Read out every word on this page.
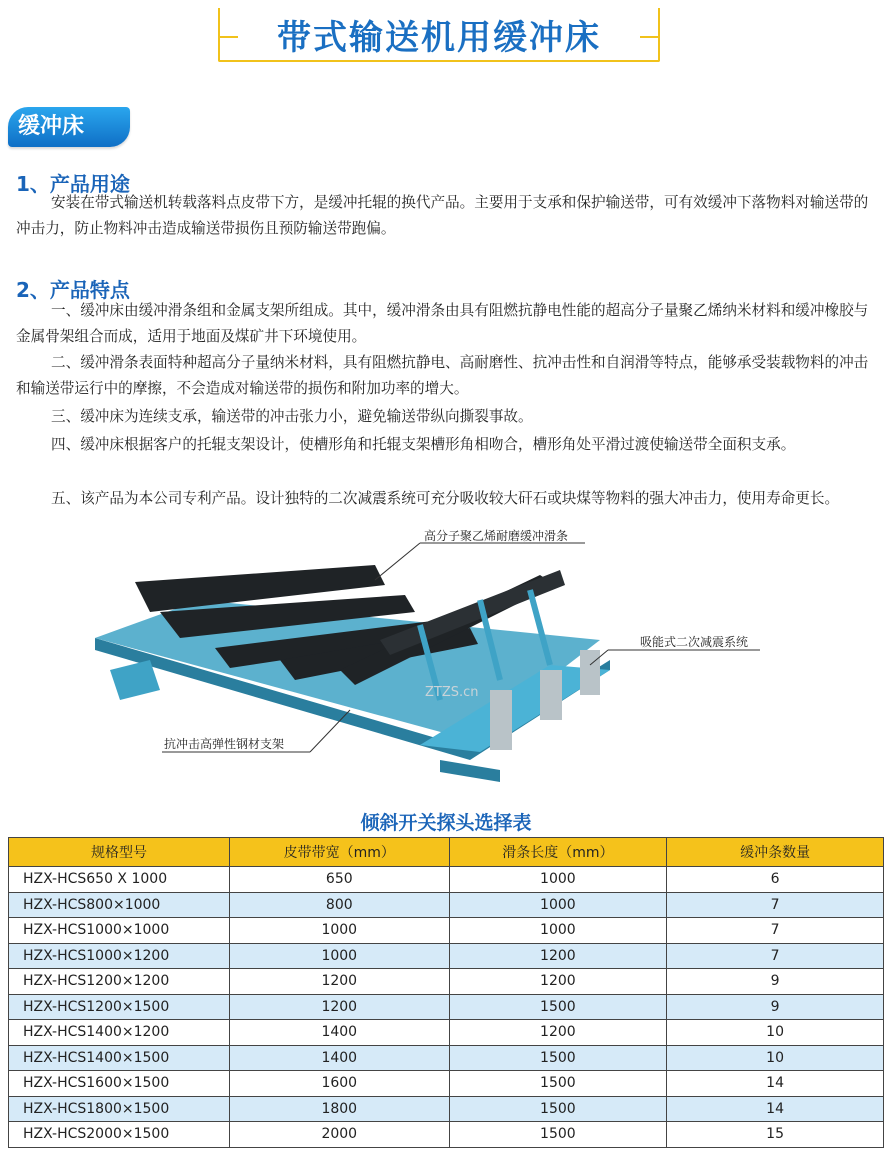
带式输送机用缓冲床
缓冲床
1、产品用途

安装在带式输送机转载落料点皮带下方，是缓冲托辊的换代产品。主要用于支承和保护输送带，可有效缓冲下落物料对输送带的冲击力，防止物料冲击造成输送带损伤且预防输送带跑偏。

2、产品特点

一、缓冲床由缓冲滑条组和金属支架所组成。其中，缓冲滑条由具有阻燃抗静电性能的超高分子量聚乙烯纳米材料和缓冲橡胶与金属骨架组合而成，适用于地面及煤矿井下环境使用。

二、缓冲滑条表面特种超高分子量纳米材料，具有阻燃抗静电、高耐磨性、抗冲击性和自润滑等特点，能够承受装载物料的冲击和输送带运行中的摩擦，不会造成对输送带的损伤和附加功率的增大。

三、缓冲床为连续支承，输送带的冲击张力小，避免输送带纵向撕裂事故。

四、缓冲床根据客户的托辊支架设计，使槽形角和托辊支架槽形角相吻合，槽形角处平滑过渡使输送带全面积支承。

五、该产品为本公司专利产品。设计独特的二次减震系统可充分吸收较大矸石或块煤等物料的强大冲击力，使用寿命更长。

高分子聚乙烯耐磨缓冲滑条
吸能式二次减震系统
抗冲击高弹性钢材支架
ZTZS.cn
倾斜开关探头选择表
规格型号	皮带带宽（mm）	滑条长度（mm）	缓冲条数量
HZX-HCS650 X 1000	650	1000	6
HZX-HCS800×1000	800	1000	7
HZX-HCS1000×1000	1000	1000	7
HZX-HCS1000×1200	1000	1200	7
HZX-HCS1200×1200	1200	1200	9
HZX-HCS1200×1500	1200	1500	9
HZX-HCS1400×1200	1400	1200	10
HZX-HCS1400×1500	1400	1500	10
HZX-HCS1600×1500	1600	1500	14
HZX-HCS1800×1500	1800	1500	14
HZX-HCS2000×1500	2000	1500	15
